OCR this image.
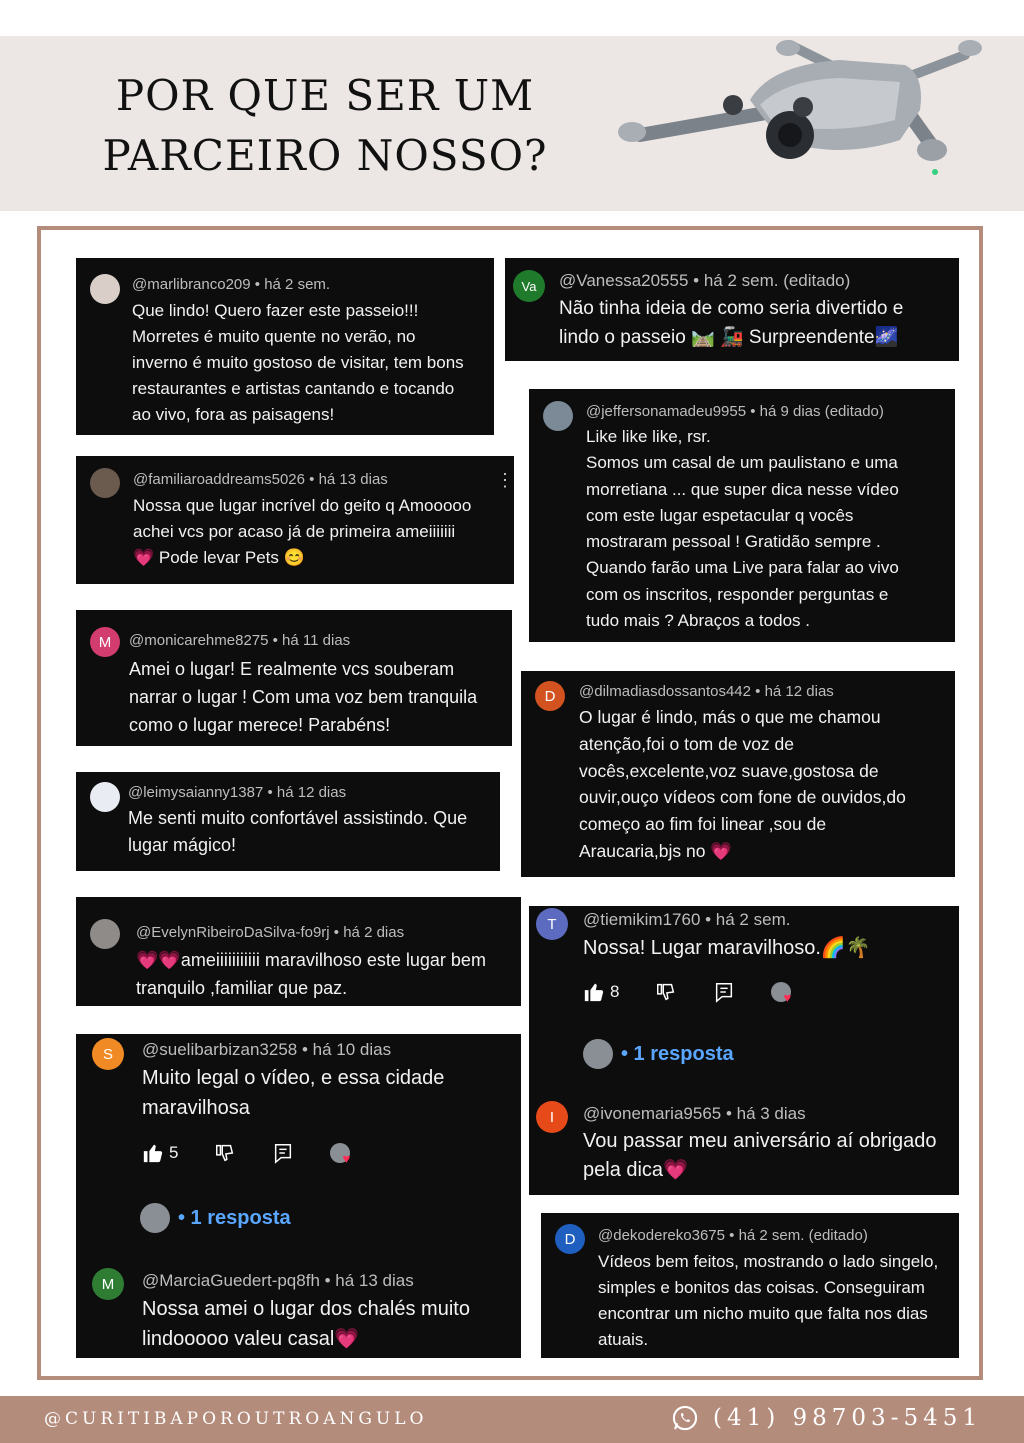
POR QUE SER UM
PARCEIRO NOSSO?
@marlibranco209 • há 2 sem.
Que lindo! Quero fazer este passeio!!!
Morretes é muito quente no verão, no
inverno é muito gostoso de visitar, tem bons
restaurantes e artistas cantando e tocando
ao vivo, fora as paisagens!
@familiaroaddreams5026 • há 13 dias	⋮
Nossa que lugar incrível do geito q Amooooo
achei vcs por acaso já de primeira ameiiiiiii
💗 Pode levar Pets 😊
M	@monicarehme8275 • há 11 dias
Amei o lugar! E realmente vcs souberam
narrar o lugar ! Com uma voz bem tranquila
como o lugar merece! Parabéns!
@leimysaianny1387 • há 12 dias
Me senti muito confortável assistindo. Que
lugar mágico!
@EvelynRibeiroDaSilva-fo9rj • há 2 dias
💗💗ameiiiiiiiiiii maravilhoso este lugar bem
tranquilo ,familiar que paz.
S	@suelibarbizan3258 • há 10 dias
Muito legal o vídeo, e essa cidade
maravilhosa
5	♥
• 1 resposta
M	@MarciaGuedert-pq8fh • há 13 dias
Nossa amei o lugar dos chalés muito
lindooooo valeu casal💗
Va	@Vanessa20555 • há 2 sem. (editado)
Não tinha ideia de como seria divertido e
lindo o passeio 🛤️ 🚂 Surpreendente🌌
@jeffersonamadeu9955 • há 9 dias (editado)
Like like like, rsr.
Somos um casal de um paulistano e uma
morretiana ... que super dica nesse vídeo
com este lugar espetacular q vocês
mostraram pessoal ! Gratidão sempre .
Quando farão uma Live para falar ao vivo
com os inscritos, responder perguntas e
tudo mais ? Abraços a todos .
D	@dilmadiasdossantos442 • há 12 dias
O lugar é lindo, más o que me chamou
atenção,foi o tom de voz de
vocês,excelente,voz suave,gostosa de
ouvir,ouço vídeos com fone de ouvidos,do
começo ao fim foi linear ,sou de
Araucaria,bjs no 💗
T	@tiemikim1760 • há 2 sem.
Nossa! Lugar maravilhoso.🌈🌴
8	♥
• 1 resposta
I	@ivonemaria9565 • há 3 dias
Vou passar meu aniversário aí obrigado
pela dica💗
D	@dekodereko3675 • há 2 sem. (editado)
Vídeos bem feitos, mostrando o lado singelo,
simples e bonitos das coisas. Conseguiram
encontrar um nicho muito que falta nos dias
atuais.
@CURITIBAPOROUTROANGULO	(41) 98703-5451
